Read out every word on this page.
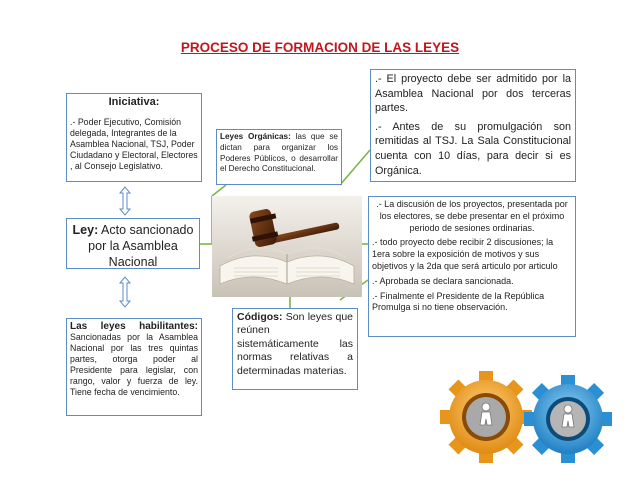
PROCESO DE FORMACION DE LAS LEYES
Iniciativa:

.- Poder Ejecutivo, Comisión delegada, Integrantes de la Asamblea Nacional, TSJ, Poder Ciudadano y Electoral, Electores , al Consejo Legislativo.

Ley: Acto sancionado por la Asamblea Nacional
Las leyes habilitantes: Sancionadas por la Asamblea Nacional por las tres quintas partes, otorga poder al Presidente para legislar, con rango, valor y fuerza de ley. Tiene fecha de vencimiento.
Leyes Orgánicas: las que se dictan para organizar los Poderes Públicos, o desarrollar el Derecho Constitucional.
Códigos: Son leyes que reúnen sistemáticamente las normas relativas a determinadas materias.

.- El proyecto debe ser admitido por la Asamblea Nacional por dos terceras partes.

.- Antes de su promulgación son remitidas al TSJ. La Sala Constitucional cuenta con 10 días, para decir si es Orgánica.

.- La discusión de los proyectos, presentada por los electores, se debe presentar en el próximo periodo de sesiones ordinarias.

.- todo proyecto debe recibir 2 discusiones; la 1era sobre la exposición de motivos y sus objetivos y la 2da que será articulo por articulo

.- Aprobada se declara sancionada.

.- Finalmente el Presidente de la República Promulga si no tiene observación.
